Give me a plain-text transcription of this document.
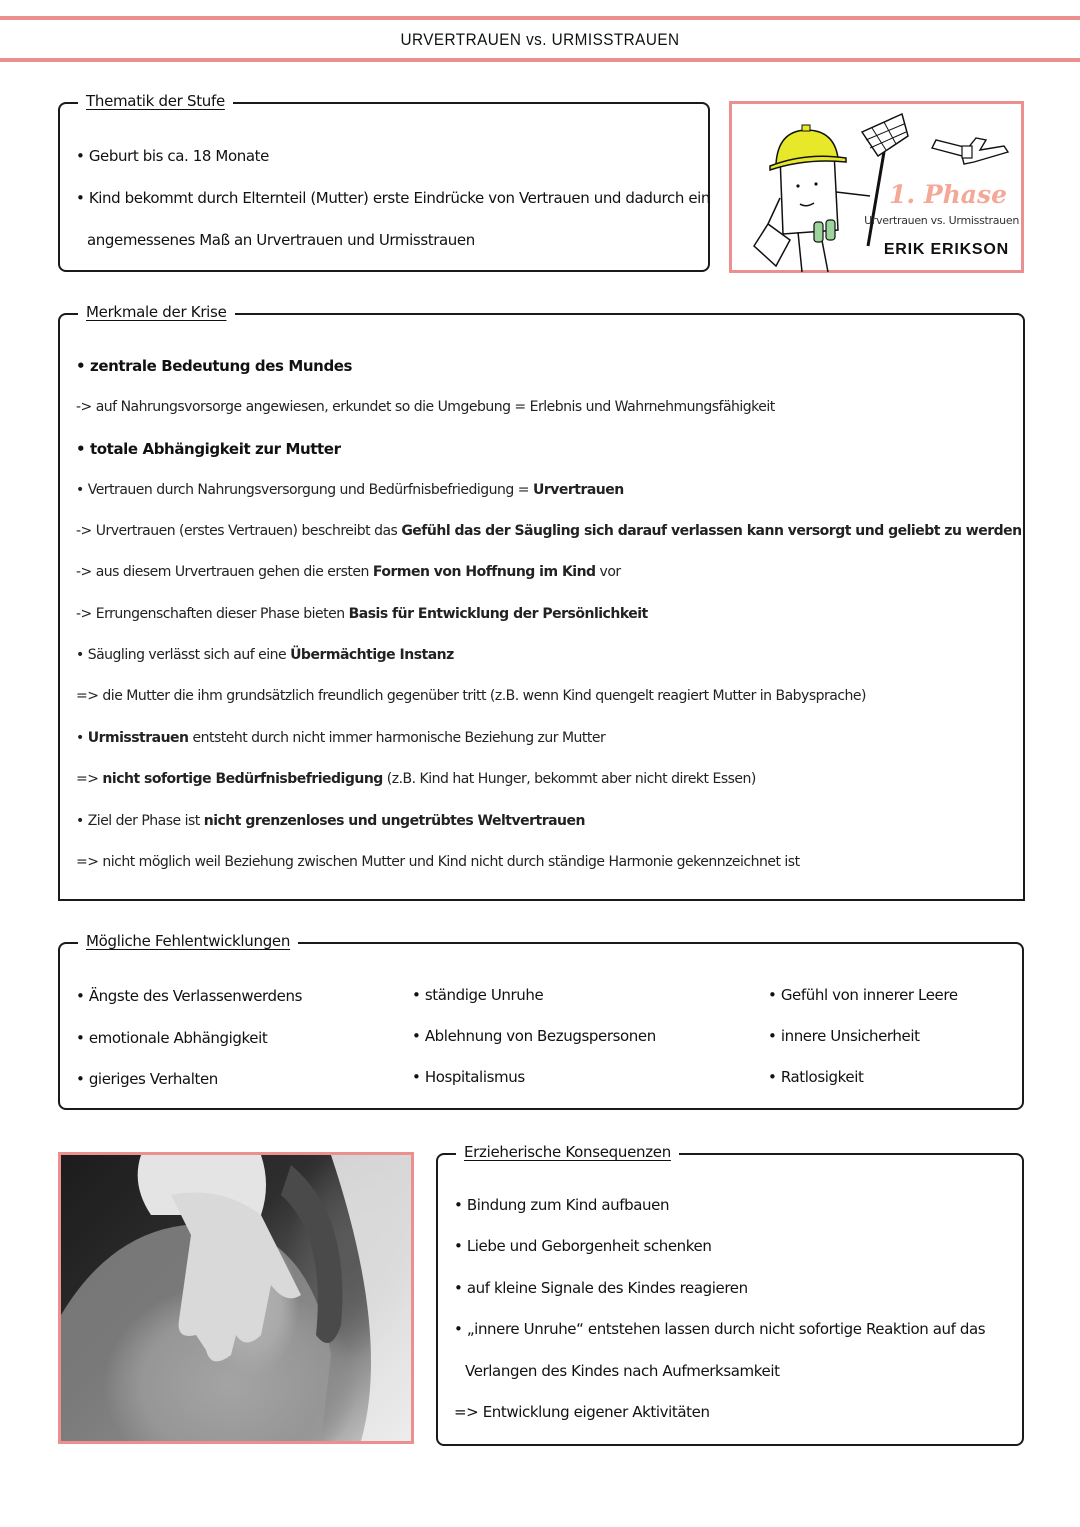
URVERTRAUEN vs. URMISSTRAUEN
Thematik der Stufe
• Geburt bis ca. 18 Monate
• Kind bekommt durch Elternteil (Mutter) erste Eindrücke von Vertrauen und dadurch ein
angemessenes Maß an Urvertrauen und Urmisstrauen
1. Phase
Urvertrauen vs. Urmisstrauen
ERIK ERIKSON
Merkmale der Krise
• zentrale Bedeutung des Mundes
-> auf Nahrungsvorsorge angewiesen, erkundet so die Umgebung = Erlebnis und Wahrnehmungsfähigkeit
• totale Abhängigkeit zur Mutter
• Vertrauen durch Nahrungsversorgung und Bedürfnisbefriedigung = Urvertrauen
-> Urvertrauen (erstes Vertrauen) beschreibt das Gefühl das der Säugling sich darauf verlassen kann versorgt und geliebt zu werden
-> aus diesem Urvertrauen gehen die ersten Formen von Hoffnung im Kind vor
-> Errungenschaften dieser Phase bieten Basis für Entwicklung der Persönlichkeit
• Säugling verlässt sich auf eine Übermächtige Instanz
=> die Mutter die ihm grundsätzlich freundlich gegenüber tritt (z.B. wenn Kind quengelt reagiert Mutter in Babysprache)
• Urmisstrauen entsteht durch nicht immer harmonische Beziehung zur Mutter
=> nicht sofortige Bedürfnisbefriedigung (z.B. Kind hat Hunger, bekommt aber nicht direkt Essen)
• Ziel der Phase ist nicht grenzenloses und ungetrübtes Weltvertrauen
=> nicht möglich weil Beziehung zwischen Mutter und Kind nicht durch ständige Harmonie gekennzeichnet ist
Mögliche Fehlentwicklungen
• Ängste des Verlassenwerdens
• emotionale Abhängigkeit
• gieriges Verhalten
• ständige Unruhe
• Ablehnung von Bezugspersonen
• Hospitalismus
• Gefühl von innerer Leere
• innere Unsicherheit
• Ratlosigkeit
Erzieherische Konsequenzen
• Bindung zum Kind aufbauen
• Liebe und Geborgenheit schenken
• auf kleine Signale des Kindes reagieren
• „innere Unruhe“ entstehen lassen durch nicht sofortige Reaktion auf das
Verlangen des Kindes nach Aufmerksamkeit
=> Entwicklung eigener Aktivitäten
